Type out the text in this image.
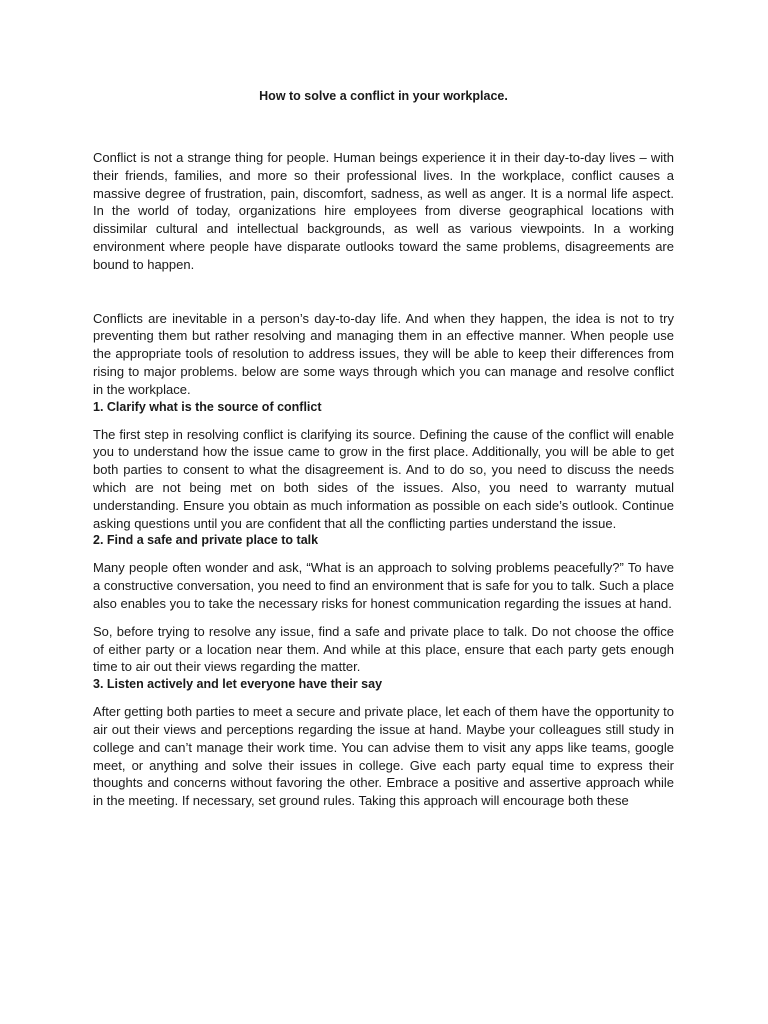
How to solve a conflict in your workplace.

Conflict is not a strange thing for people. Human beings experience it in their day-to-day lives – with their friends, families, and more so their professional lives. In the workplace, conflict causes a massive degree of frustration, pain, discomfort, sadness, as well as anger. It is a normal life aspect. In the world of today, organizations hire employees from diverse geographical locations with dissimilar cultural and intellectual backgrounds, as well as various viewpoints. In a working environment where people have disparate outlooks toward the same problems, disagreements are bound to happen.

Conflicts are inevitable in a person’s day-to-day life. And when they happen, the idea is not to try preventing them but rather resolving and managing them in an effective manner. When people use the appropriate tools of resolution to address issues, they will be able to keep their differences from rising to major problems. below are some ways through which you can manage and resolve conflict in the workplace.

1. Clarify what is the source of conflict

The first step in resolving conflict is clarifying its source. Defining the cause of the conflict will enable you to understand how the issue came to grow in the first place. Additionally, you will be able to get both parties to consent to what the disagreement is. And to do so, you need to discuss the needs which are not being met on both sides of the issues. Also, you need to warranty mutual understanding. Ensure you obtain as much information as possible on each side’s outlook. Continue asking questions until you are confident that all the conflicting parties understand the issue.

2. Find a safe and private place to talk

Many people often wonder and ask, “What is an approach to solving problems peacefully?” To have a constructive conversation, you need to find an environment that is safe for you to talk. Such a place also enables you to take the necessary risks for honest communication regarding the issues at hand.

So, before trying to resolve any issue, find a safe and private place to talk. Do not choose the office of either party or a location near them. And while at this place, ensure that each party gets enough time to air out their views regarding the matter.

3. Listen actively and let everyone have their say

After getting both parties to meet a secure and private place, let each of them have the opportunity to air out their views and perceptions regarding the issue at hand. Maybe your colleagues still study in college and can’t manage their work time. You can advise them to visit any apps like teams, google meet, or anything and solve their issues in college. Give each party equal time to express their thoughts and concerns without favoring the other. Embrace a positive and assertive approach while in the meeting. If necessary, set ground rules. Taking this approach will encourage both these
